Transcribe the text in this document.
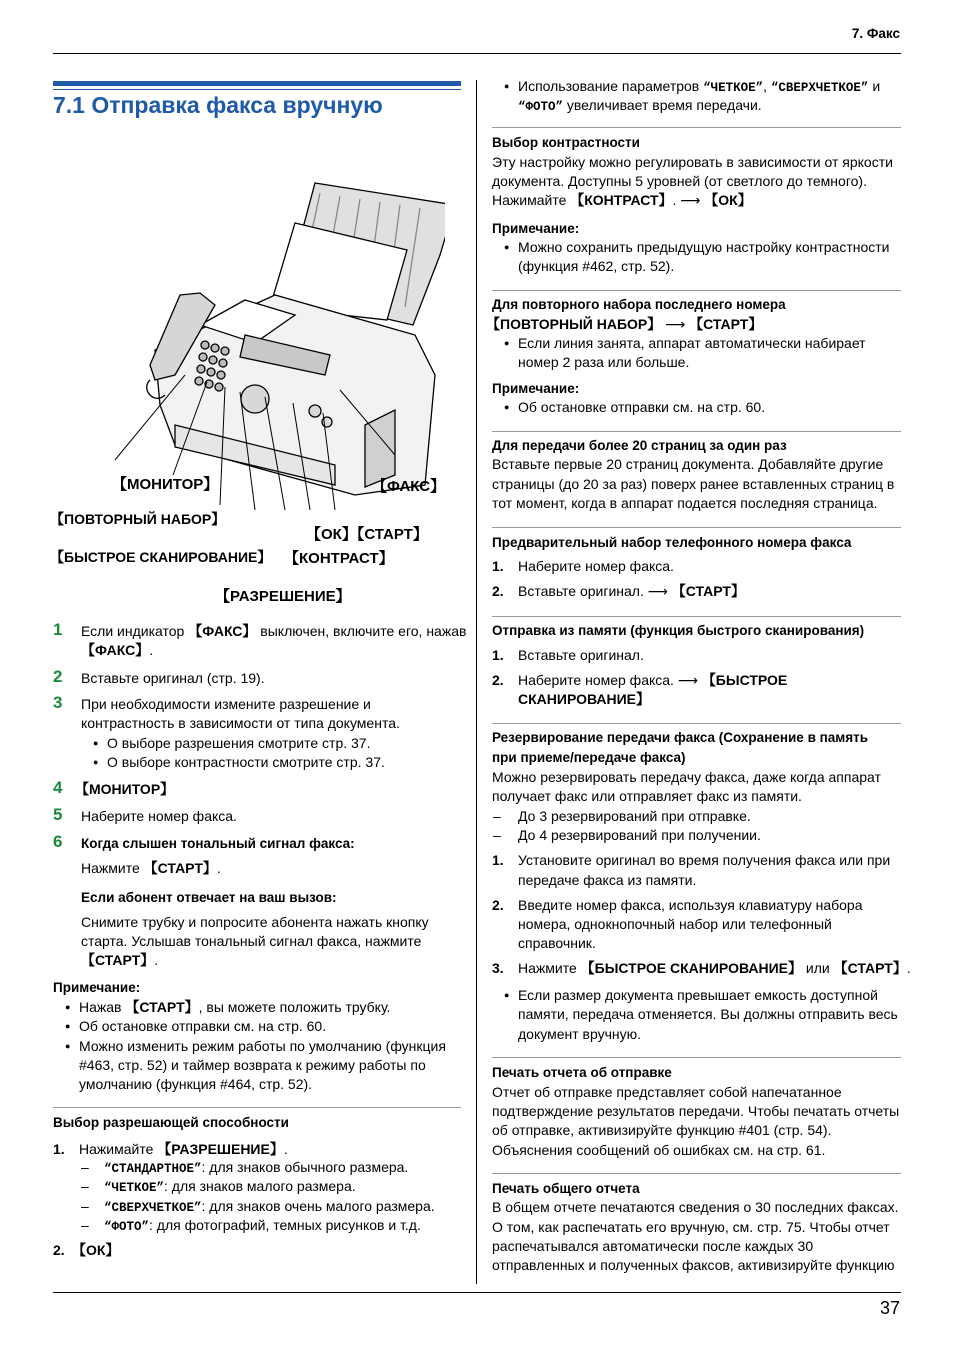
7. Факс
7.1 Отправка факса вручную
【 МОНИТОР 】
【 ПОВТОРНЫЙ НАБОР 】
【 БЫСТРОЕ СКАНИРОВАНИЕ 】
【 ФАКС 】
【 ОК】【СТАРТ 】
【 КОНТРАСТ 】
【 РАЗРЕШЕНИЕ 】
1 Если индикатор 【 ФАКС 】 выключен, включите его, нажав
【 ФАКС 】 .
2 Вставьте оригинал (стр. 19).
3 При необходимости измените разрешение и
контрастность в зависимости от типа документа.
● О выборе разрешения смотрите стр. 37.
● О выборе контрастности смотрите стр. 37.
4	【 МОНИТОР 】
5 Наберите номер факса.
6 Когда слышен тональный сигнал факса:
Нажмите 【 СТАРТ 】 .
Если абонент отвечает на ваш вызов:
Снимите трубку и попросите абонента нажать кнопку
старта. Услышав тональный сигнал факса, нажмите
【 СТАРТ 】 .
Примечание:
● Нажав 【 СТАРТ 】 , вы можете положить трубку.
● Об остановке отправки см. на стр. 60.
● Можно изменить режим работы по умолчанию (функция
#463, стр. 52) и таймер возврата к режиму работы по
умолчанию (функция #464, стр. 52).
Выбор разрешающей способности
1. Нажимайте 【 РАЗРЕШЕНИЕ 】 .
– “СТАНДАРТНОЕ”: для знаков обычного размера.
– “ЧЕТКОЕ”: для знаков малого размера.
– “СВЕРХЧЕТКОЕ”: для знаков очень малого размера.
– “ФОТО”: для фотографий, темных рисунков и т.д.
2.	【 ОК 】
● Использование параметров “ЧЕТКОЕ”, “СВЕРХЧЕТКОЕ” и
“ФОТО” увеличивает время передачи.
Выбор контрастности
Эту настройку можно регулировать в зависимости от яркости
документа. Доступны 5 уровней (от светлого до темного).
Нажимайте 【 КОНТРАСТ 】 . ⟶ 【 ОК 】
Примечание:
● Можно сохранить предыдущую настройку контрастности
(функция #462, стр. 52).
Для повторного набора последнего номера
【 ПОВТОРНЫЙ НАБОР 】 ⟶ 【 СТАРТ 】
● Если линия занята, аппарат автоматически набирает
номер 2 раза или больше.
Примечание:
● Об остановке отправки см. на стр. 60.
Для передачи более 20 страниц за один раз
Вставьте первые 20 страниц документа. Добавляйте другие
страницы (до 20 за раз) поверх ранее вставленных страниц в
тот момент, когда в аппарат подается последняя страница.
Предварительный набор телефонного номера факса
1. Наберите номер факса.
2. Вставьте оригинал. ⟶ 【 СТАРТ 】
Отправка из памяти (функция быстрого сканирования)
1. Вставьте оригинал.
2. Наберите номер факса. ⟶ 【БЫСТРОЕ
СКАНИРОВАНИЕ】
Резервирование передачи факса (Сохранение в память
при приеме/передаче факса)
Можно резервировать передачу факса, даже когда аппарат
получает факс или отправляет факс из памяти.
– До 3 резервирований при отправке.
– До 4 резервирований при получении.
1. Установите оригинал во время получения факса или при
передаче факса из памяти.
2. Введите номер факса, используя клавиатуру набора
номера, однокнопочный набор или телефонный
справочник.
3. Нажмите 【 БЫСТРОЕ СКАНИРОВАНИЕ 】 или 【 СТАРТ 】 .
● Если размер документа превышает емкость доступной
памяти, передача отменяется. Вы должны отправить весь
документ вручную.
Печать отчета об отправке
Отчет об отправке представляет собой напечатанное
подтверждение результатов передачи. Чтобы печатать отчеты
об отправке, активизируйте функцию #401 (стр. 54).
Объяснения сообщений об ошибках см. на стр. 61.
Печать общего отчета
В общем отчете печатаются сведения о 30 последних факсах.
О том, как распечатать его вручную, см. стр. 75. Чтобы отчет
распечатывался автоматически после каждых 30
отправленных и полученных факсов, активизируйте функцию
37
